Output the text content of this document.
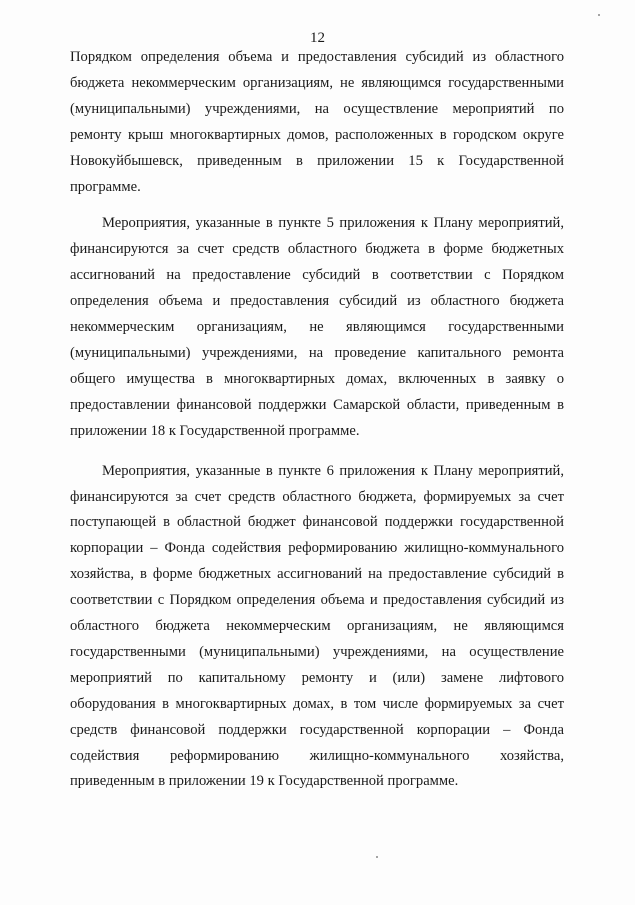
12

Порядком определения объема и предоставления субсидий из областного бюджета некоммерческим организациям, не являющимся государственными (муниципальными) учреждениями, на осуществление мероприятий по ремонту крыш многоквартирных домов, расположенных в городском округе Новокуйбышевск, приведенным в приложении 15 к Государственной программе.

Мероприятия, указанные в пункте 5 приложения к Плану мероприятий, финансируются за счет средств областного бюджета в форме бюджетных ассигнований на предоставление субсидий в соответствии с Порядком определения объема и предоставления субсидий из областного бюджета некоммерческим организациям, не являющимся государственными (муниципальными) учреждениями, на проведение капитального ремонта общего имущества в многоквартирных домах, включенных в заявку о предоставлении финансовой поддержки Самарской области, приведенным в приложении 18 к Государственной программе.

Мероприятия, указанные в пункте 6 приложения к Плану мероприятий, финансируются за счет средств областного бюджета, формируемых за счет поступающей в областной бюджет финансовой поддержки государственной корпорации – Фонда содействия реформированию жилищно-коммунального хозяйства, в форме бюджетных ассигнований на предоставление субсидий в соответствии с Порядком определения объема и предоставления субсидий из областного бюджета некоммерческим организациям, не являющимся государственными (муниципальными) учреждениями, на осуществление мероприятий по капитальному ремонту и (или) замене лифтового оборудования в многоквартирных домах, в том числе формируемых за счет средств финансовой поддержки государственной корпорации – Фонда содействия реформированию жилищно-коммунального хозяйства, приведенным в приложении 19 к Государственной программе.
